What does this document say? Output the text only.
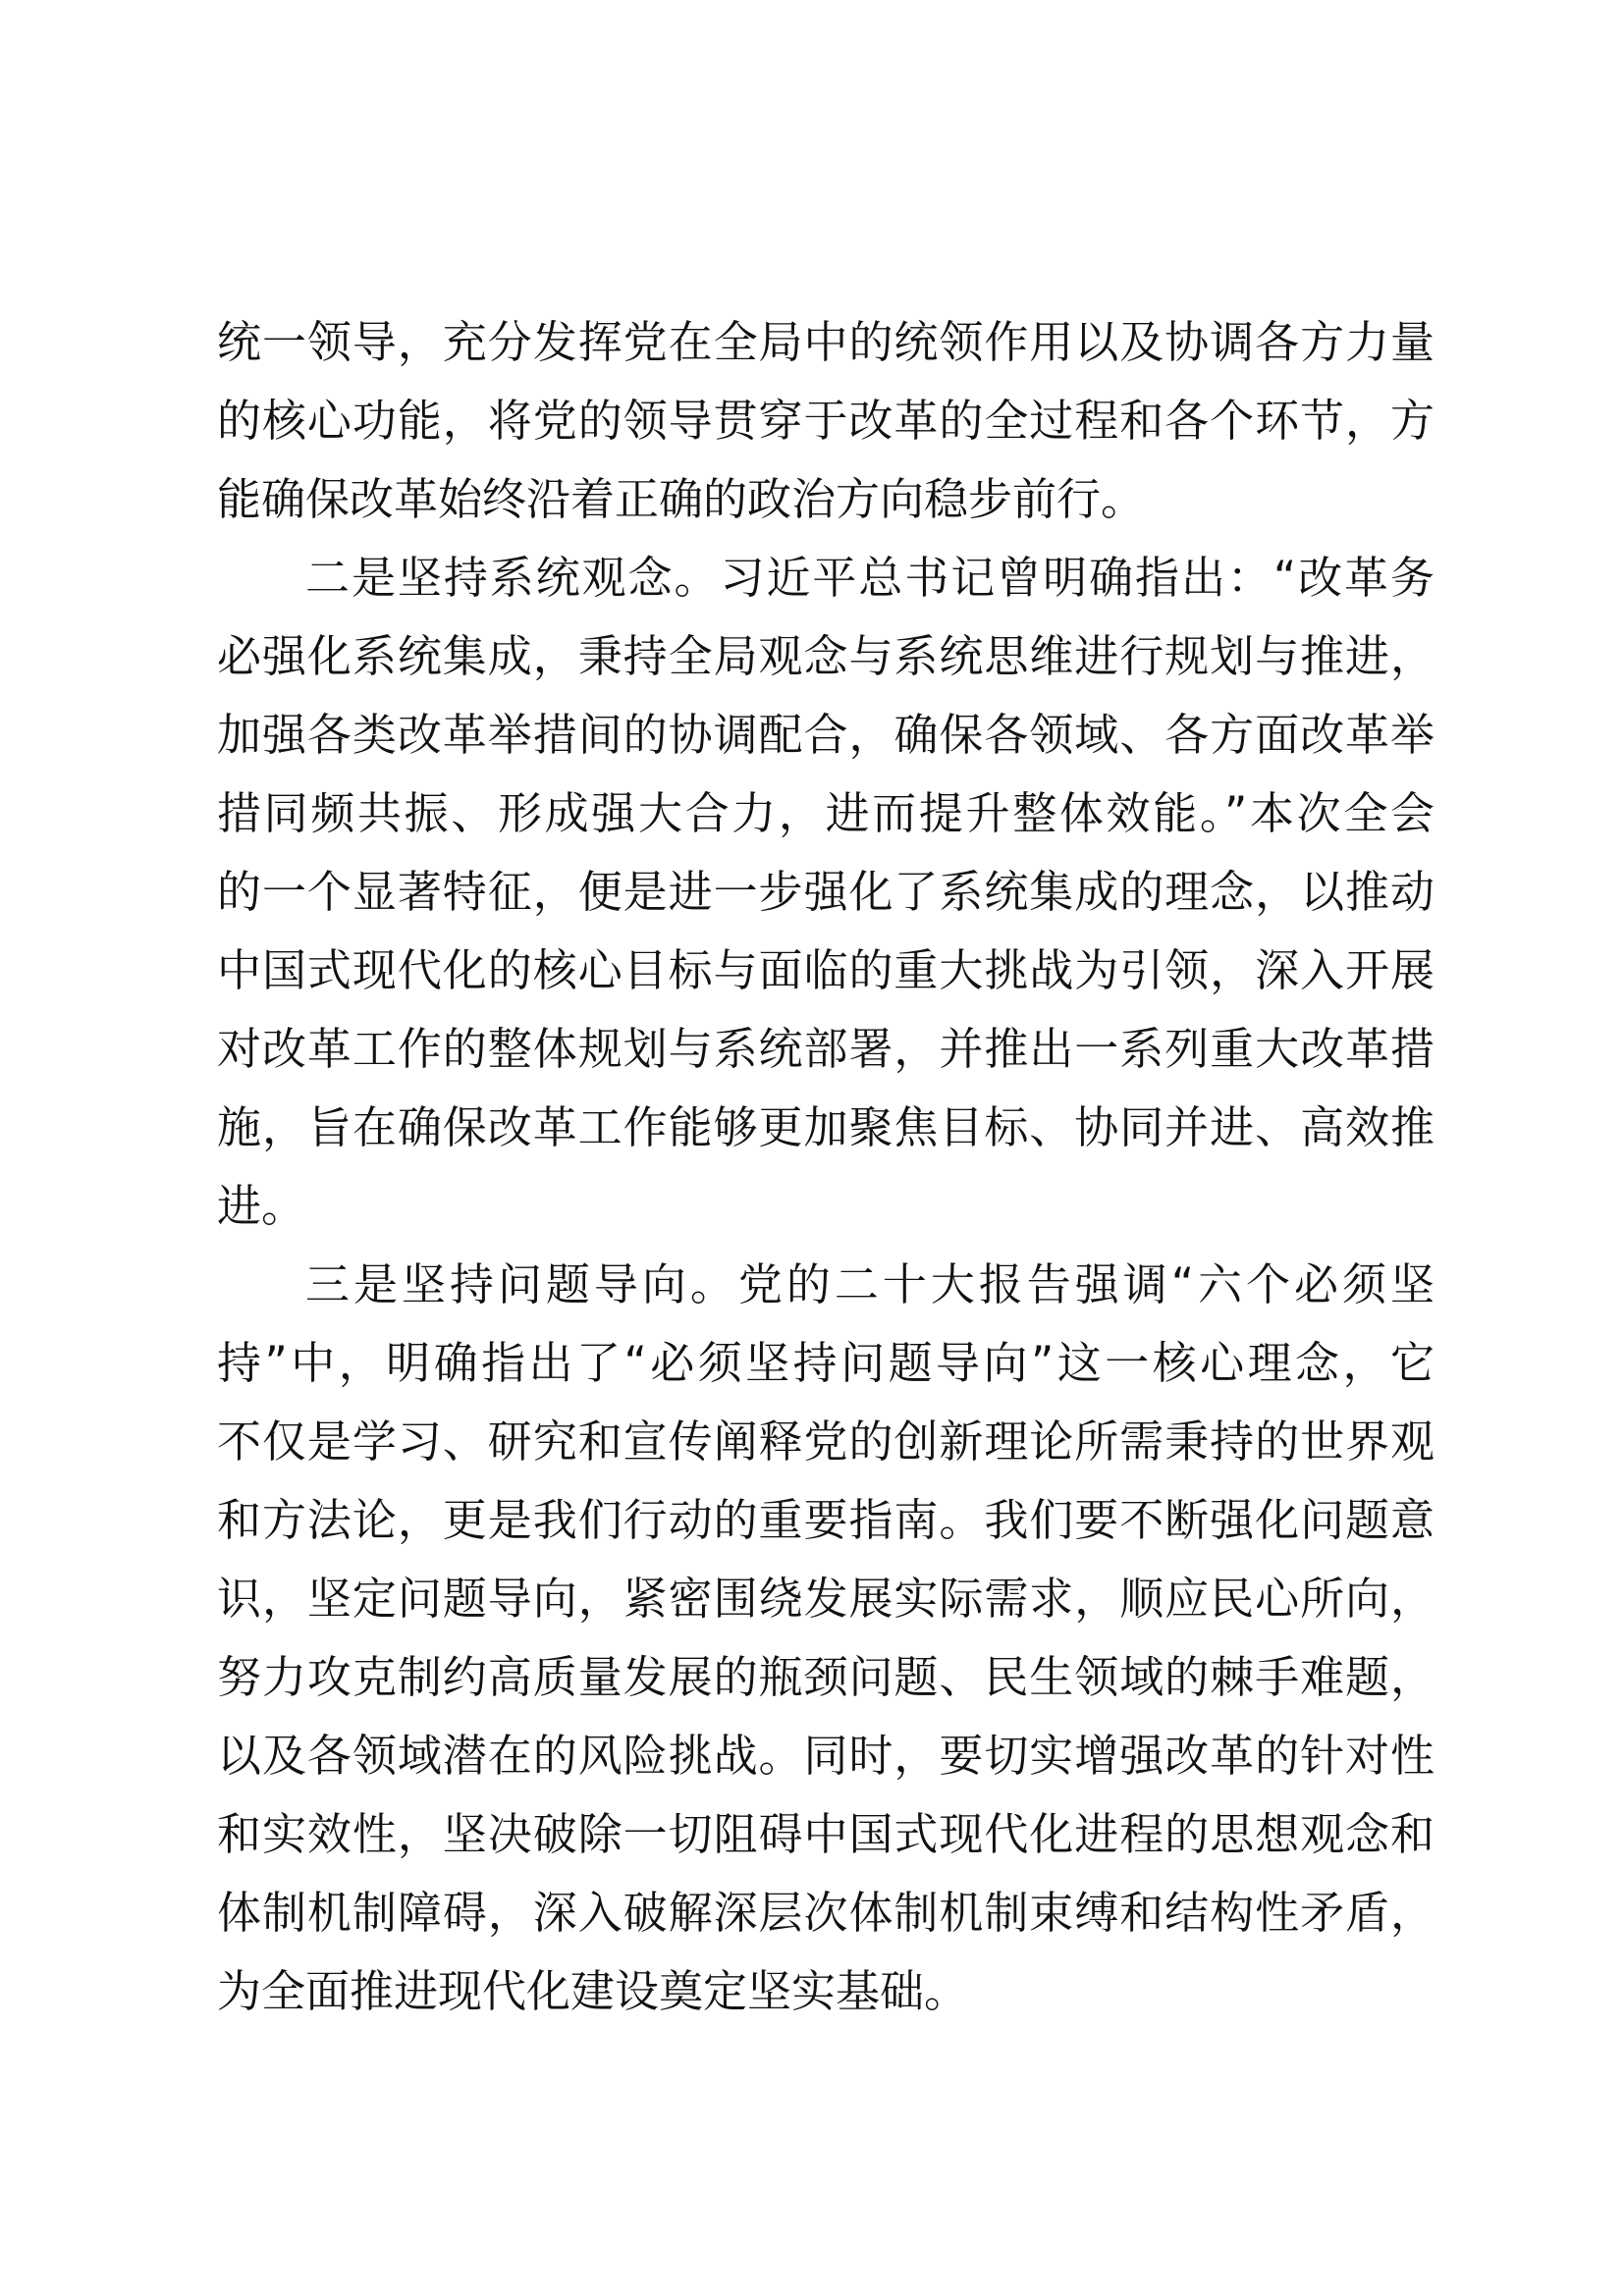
统一领导，充分发挥党在全局中的统领作用以及协调各方力量
的核心功能，将党的领导贯穿于改革的全过程和各个环节，方
能确保改革始终沿着正确的政治方向稳步前行。
二是坚持系统观念。习近平总书记曾明确指出：“改革务
必强化系统集成，秉持全局观念与系统思维进行规划与推进，
加强各类改革举措间的协调配合，确保各领域、各方面改革举
措同频共振、形成强大合力，进而提升整体效能。”本次全会
的一个显著特征，便是进一步强化了系统集成的理念，以推动
中国式现代化的核心目标与面临的重大挑战为引领，深入开展
对改革工作的整体规划与系统部署，并推出一系列重大改革措
施，旨在确保改革工作能够更加聚焦目标、协同并进、高效推
进。
三是坚持问题导向。党的二十大报告强调“六个必须坚
持”中，明确指出了“必须坚持问题导向”这一核心理念，它
不仅是学习、研究和宣传阐释党的创新理论所需秉持的世界观
和方法论，更是我们行动的重要指南。我们要不断强化问题意
识，坚定问题导向，紧密围绕发展实际需求，顺应民心所向，
努力攻克制约高质量发展的瓶颈问题、民生领域的棘手难题，
以及各领域潜在的风险挑战。同时，要切实增强改革的针对性
和实效性，坚决破除一切阻碍中国式现代化进程的思想观念和
体制机制障碍，深入破解深层次体制机制束缚和结构性矛盾，
为全面推进现代化建设奠定坚实基础。
